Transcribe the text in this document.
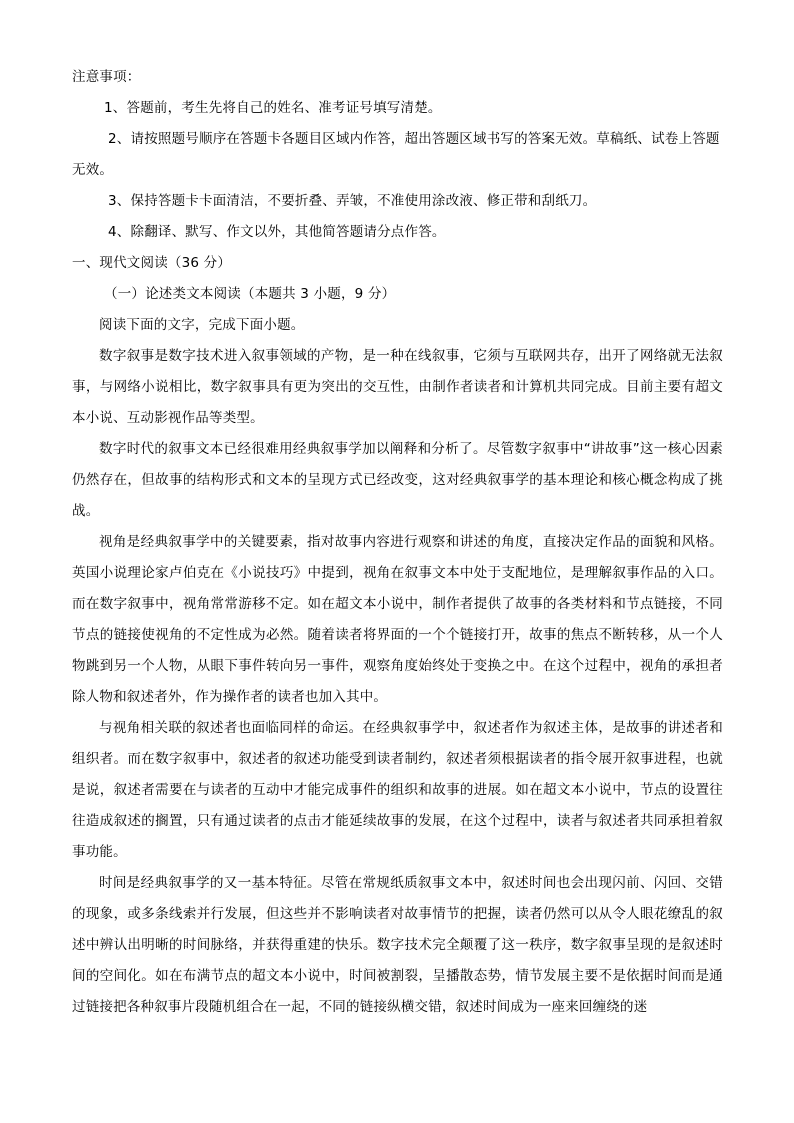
注意事项：
1、答题前，考生先将自己的姓名、准考证号填写清楚。
2、请按照题号顺序在答题卡各题目区域内作答，超出答题区域书写的答案无效。草稿纸、试卷上答题
无效。
3、保持答题卡卡面清洁，不要折叠、弄皱，不准使用涂改液、修正带和刮纸刀。
4、除翻译、默写、作文以外，其他简答题请分点作答。
一、现代文阅读（36 分）
（一）论述类文本阅读（本题共 3 小题，9 分）
阅读下面的文字，完成下面小题。
数字叙事是数字技术进入叙事领域的产物，是一种在线叙事，它须与互联网共存，出开了网络就无法叙事，与网络小说相比，数字叙事具有更为突出的交互性，由制作者读者和计算机共同完成。目前主要有超文本小说、互动影视作品等类型。
数字时代的叙事文本已经很难用经典叙事学加以阐释和分析了。尽管数字叙事中“讲故事”这一核心因素仍然存在，但故事的结构形式和文本的呈现方式已经改变，这对经典叙事学的基本理论和核心概念构成了挑战。
视角是经典叙事学中的关键要素，指对故事内容进行观察和讲述的角度，直接决定作品的面貌和风格。英国小说理论家卢伯克在《小说技巧》中提到，视角在叙事文本中处于支配地位，是理解叙事作品的入口。而在数字叙事中，视角常常游移不定。如在超文本小说中，制作者提供了故事的各类材料和节点链接，不同节点的链接使视角的不定性成为必然。随着读者将界面的一个个链接打开，故事的焦点不断转移，从一个人物跳到另一个人物，从眼下事件转向另一事件，观察角度始终处于变换之中。在这个过程中，视角的承担者除人物和叙述者外，作为操作者的读者也加入其中。
与视角相关联的叙述者也面临同样的命运。在经典叙事学中，叙述者作为叙述主体，是故事的讲述者和组织者。而在数字叙事中，叙述者的叙述功能受到读者制约，叙述者须根据读者的指令展开叙事进程，也就是说，叙述者需要在与读者的互动中才能完成事件的组织和故事的进展。如在超文本小说中，节点的设置往往造成叙述的搁置，只有通过读者的点击才能延续故事的发展，在这个过程中，读者与叙述者共同承担着叙事功能。
时间是经典叙事学的又一基本特征。尽管在常规纸质叙事文本中，叙述时间也会出现闪前、闪回、交错的现象，或多条线索并行发展，但这些并不影响读者对故事情节的把握，读者仍然可以从令人眼花缭乱的叙述中辨认出明晰的时间脉络，并获得重建的快乐。数字技术完全颠覆了这一秩序，数字叙事呈现的是叙述时间的空间化。如在布满节点的超文本小说中，时间被割裂，呈播散态势，情节发展主要不是依据时间而是通过链接把各种叙事片段随机组合在一起，不同的链接纵横交错，叙述时间成为一座来回缠绕的迷
